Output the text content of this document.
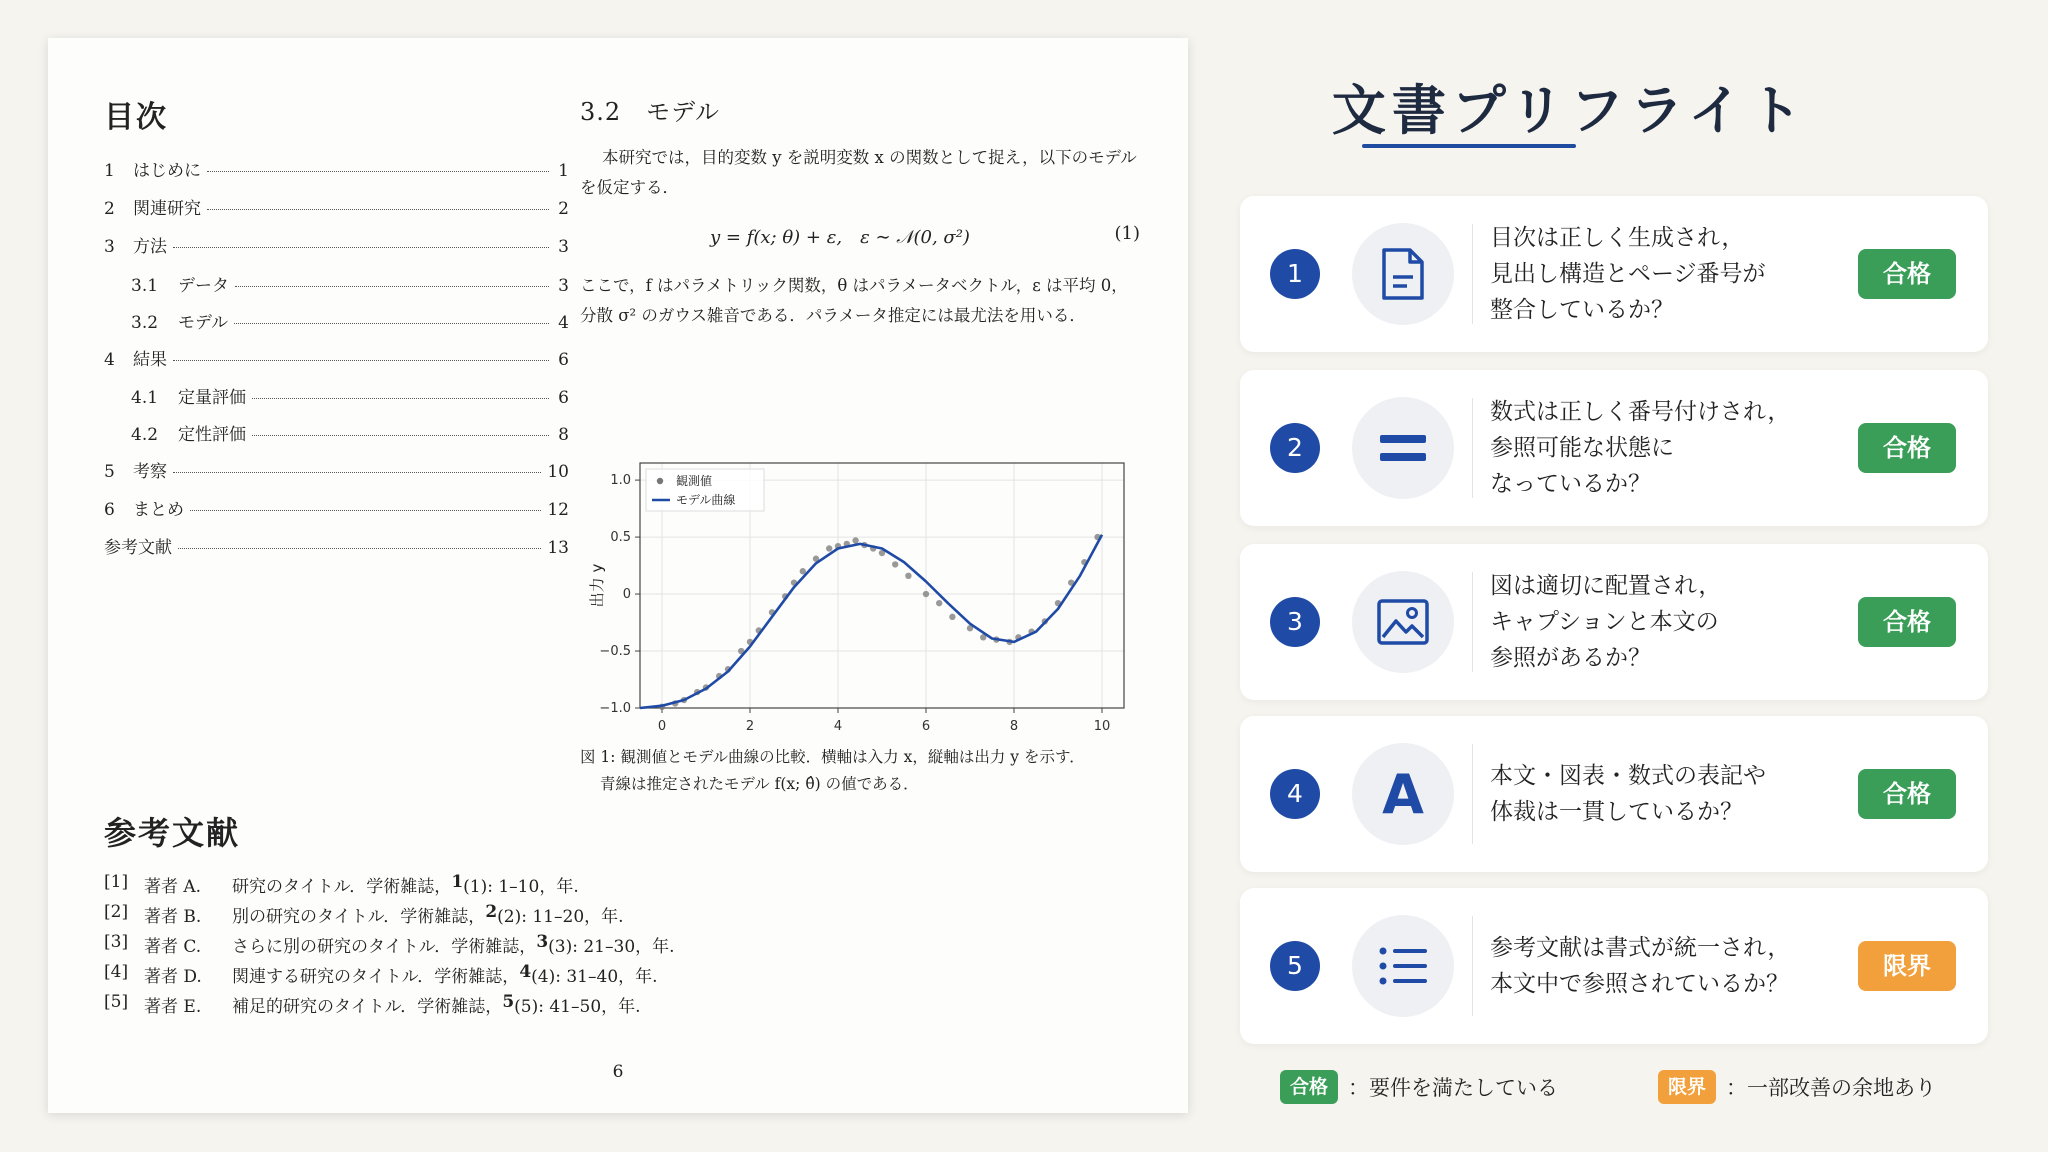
目次
1	はじめに	1
2	関連研究	2
3	方法	3
3.1	データ	3
3.2	モデル	4
4	結果	6
4.1	定量評価	6
4.2	定性評価	8
5	考察	10
6	まとめ	12
参考文献	13
3.2　モデル

本研究では，目的変数 y を説明変数 x の関数として捉え，以下のモデルを仮定する．

y = f(x; θ) + ε,　ε ∼ 𝒩(0, σ²)	(1)

ここで，f はパラメトリック関数，θ はパラメータベクトル，ε は平均 0，分散 σ² のガウス雑音である．パラメータ推定には最尤法を用いる．

0	2	4	6	8	10
1.0
0.5
0
−0.5
−1.0
出力 y
観測値
モデル曲線
図 1: 観測値とモデル曲線の比較．横軸は入力 x，縦軸は出力 y を示す．
青線は推定されたモデル f(x; θ̂) の値である．
参考文献
[1] 著者 A.	研究のタイトル．学術雑誌， 1 (1): 1–10，年.
[2] 著者 B.	別の研究のタイトル．学術雑誌， 2 (2): 11–20，年.
[3] 著者 C.	さらに別の研究のタイトル．学術雑誌， 3 (3): 21–30，年.
[4] 著者 D.	関連する研究のタイトル．学術雑誌， 4 (4): 31–40，年.
[5] 著者 E.	補足的研究のタイトル．学術雑誌， 5 (5): 41–50，年.
6
文書プリフライト
1
目次は正しく生成され，
見出し構造とページ番号が
整合しているか？
合格
2
数式は正しく番号付けされ，
参照可能な状態に
なっているか？
合格
3
図は適切に配置され，
キャプションと本文の
参照があるか？
合格
4	A	本文・図表・数式の表記や
体裁は一貫しているか？
合格
5
参考文献は書式が統一され，
本文中で参照されているか？
限界
合格 ：要件を満たしている	限界 ：一部改善の余地あり
